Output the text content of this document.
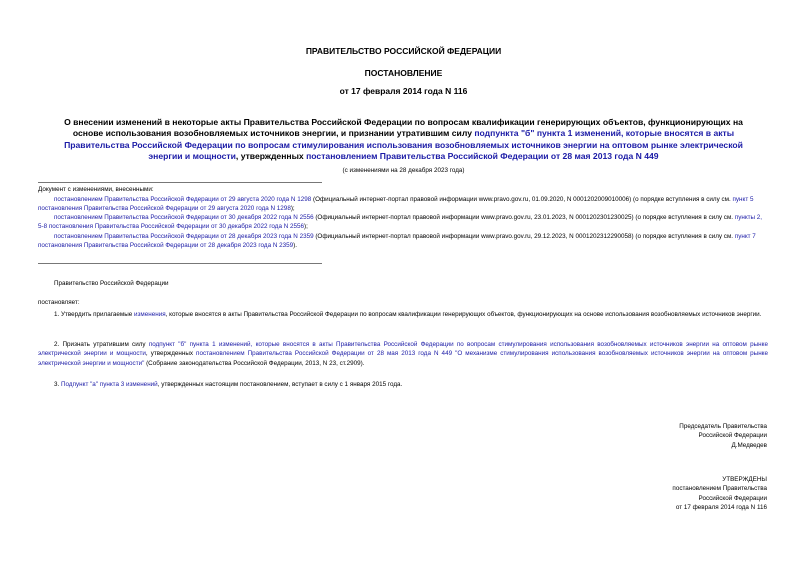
ПРАВИТЕЛЬСТВО РОССИЙСКОЙ ФЕДЕРАЦИИ
ПОСТАНОВЛЕНИЕ
от 17 февраля 2014 года N 116
О внесении изменений в некоторые акты Правительства Российской Федерации по вопросам квалификации генерирующих объектов, функционирующих на основе использования возобновляемых источников энергии, и признании утратившим силу подпункта "б" пункта 1 изменений, которые вносятся в акты Правительства Российской Федерации по вопросам стимулирования использования возобновляемых источников энергии на оптовом рынке электрической энергии и мощности, утвержденных постановлением Правительства Российской Федерации от 28 мая 2013 года N 449
(с изменениями на 28 декабря 2023 года)
Документ с изменениями, внесенными:
постановлением Правительства Российской Федерации от 29 августа 2020 года N 1298 (Официальный интернет-портал правовой информации www.pravo.gov.ru, 01.09.2020, N 0001202009010006) (о порядке вступления в силу см. пункт 5 постановления Правительства Российской Федерации от 29 августа 2020 года N 1298);
постановлением Правительства Российской Федерации от 30 декабря 2022 года N 2556 (Официальный интернет-портал правовой информации www.pravo.gov.ru, 23.01.2023, N 0001202301230025) (о порядке вступления в силу см. пункты 2, 5-8 постановления Правительства Российской Федерации от 30 декабря 2022 года N 2556);
постановлением Правительства Российской Федерации от 28 декабря 2023 года N 2359 (Официальный интернет-портал правовой информации www.pravo.gov.ru, 29.12.2023, N 0001202312290058) (о порядке вступления в силу см. пункт 7 постановления Правительства Российской Федерации от 28 декабря 2023 года N 2359).
Правительство Российской Федерации
постановляет:
1. Утвердить прилагаемые изменения, которые вносятся в акты Правительства Российской Федерации по вопросам квалификации генерирующих объектов, функционирующих на основе использования возобновляемых источников энергии.
2. Признать утратившим силу подпункт "б" пункта 1 изменений, которые вносятся в акты Правительства Российской Федерации по вопросам стимулирования использования возобновляемых источников энергии на оптовом рынке электрической энергии и мощности, утвержденных постановлением Правительства Российской Федерации от 28 мая 2013 года N 449 "О механизме стимулирования использования возобновляемых источников энергии на оптовом рынке электрической энергии и мощности" (Собрание законодательства Российской Федерации, 2013, N 23, ст.2909).
3. Подпункт "а" пункта 3 изменений, утвержденных настоящим постановлением, вступает в силу с 1 января 2015 года.
Председатель Правительства
Российской Федерации
Д.Медведев
УТВЕРЖДЕНЫ
постановлением Правительства
Российской Федерации
от 17 февраля 2014 года N 116
